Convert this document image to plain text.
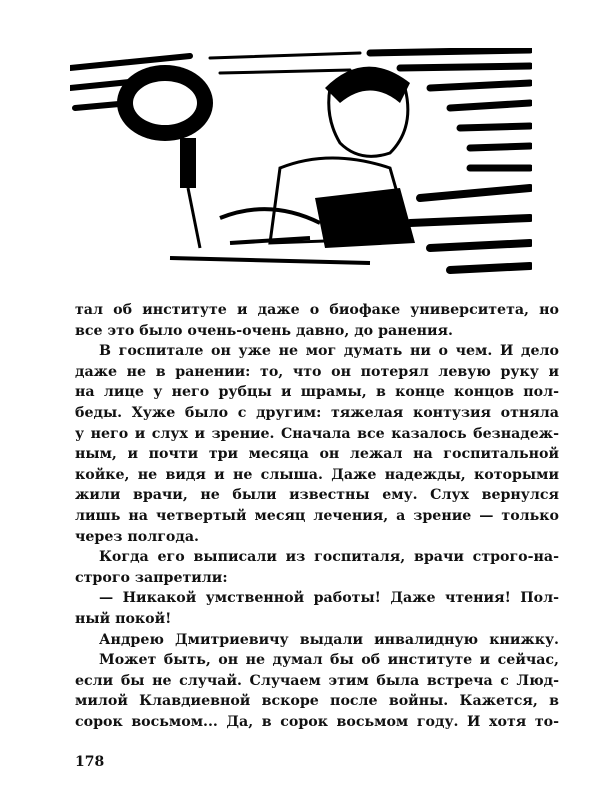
тал об институте и даже о биофаке университета, но
все это было очень-очень давно, до ранения.
В госпитале он уже не мог думать ни о чем. И дело
даже не в ранении: то, что он потерял левую руку и
на лице у него рубцы и шрамы, в конце концов пол-
беды. Хуже было с другим: тяжелая контузия отняла
у него и слух и зрение. Сначала все казалось безнадеж-
ным, и почти три месяца он лежал на госпитальной
койке, не видя и не слыша. Даже надежды, которыми
жили врачи, не были известны ему. Слух вернулся
лишь на четвертый месяц лечения, а зрение — только
через полгода.
Когда его выписали из госпиталя, врачи строго-на-
строго запретили:
— Никакой умственной работы! Даже чтения! Пол-
ный покой!
Андрею Дмитриевичу выдали инвалидную книжку.
Может быть, он не думал бы об институте и сейчас,
если бы не случай. Случаем этим была встреча с Люд-
милой Клавдиевной вскоре после войны. Кажется, в
сорок восьмом... Да, в сорок восьмом году. И хотя то-
178
